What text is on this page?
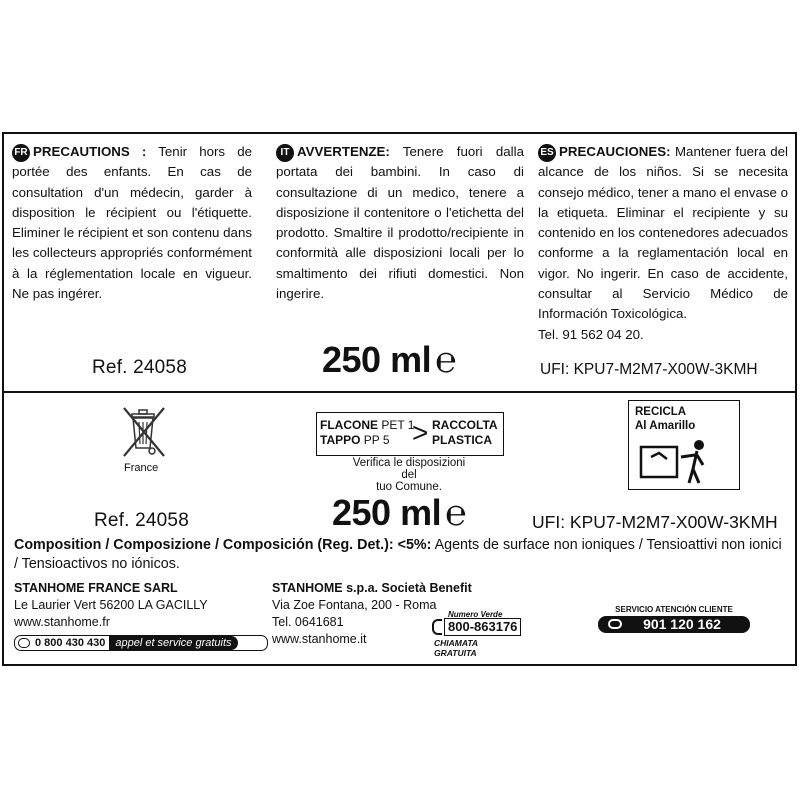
FR PRECAUTIONS : Tenir hors de portée des enfants. En cas de consultation d'un médecin, garder à disposition le récipient ou l'étiquette. Eliminer le récipient et son contenu dans les collecteurs appropriés conformément à la réglementation locale en vigueur. Ne pas ingérer.
IT AVVERTENZE: Tenere fuori dalla portata dei bambini. In caso di consultazione di un medico, tenere a disposizione il contenitore o l'etichetta del prodotto. Smaltire il prodotto/recipiente in conformità alle disposizioni locali per lo smaltimento dei rifiuti domestici. Non ingerire.
ES PRECAUCIONES: Mantener fuera del alcance de los niños. Si se necesita consejo médico, tener a mano el envase o la etiqueta. Eliminar el recipiente y su contenido en los contenedores adecuados conforme a la reglamentación local en vigor. No ingerir. En caso de accidente, consultar al Servicio Médico de Información Toxicológica.
Tel. 91 562 04 20.
Ref. 24058	250 ml ℮	UFI: KPU7-M2M7-X00W-3KMH
France
FLACONE PET 1
TAPPO PP 5 > RACCOLTA
PLASTICA
Verifica le disposizioni del
tuo Comune.
RECICLA
Al Amarillo
Ref. 24058	250 ml ℮	UFI: KPU7-M2M7-X00W-3KMH
Composition / Composizione / Composición (Reg. Det.): <5%: Agents de surface non ioniques / Tensioattivi non ionici / Tensioactivos no iónicos.
STANHOME FRANCE SARL
Le Laurier Vert 56200 LA GACILLY
www.stanhome.fr
0 800 430 430 appel et service gratuits
STANHOME s.p.a. Società Benefit
Via Zoe Fontana, 200 - Roma
Tel. 0641681
www.stanhome.it
Numero Verde
800-863176
CHIAMATA GRATUITA
SERVICIO ATENCIÓN CLIENTE
901 120 162
